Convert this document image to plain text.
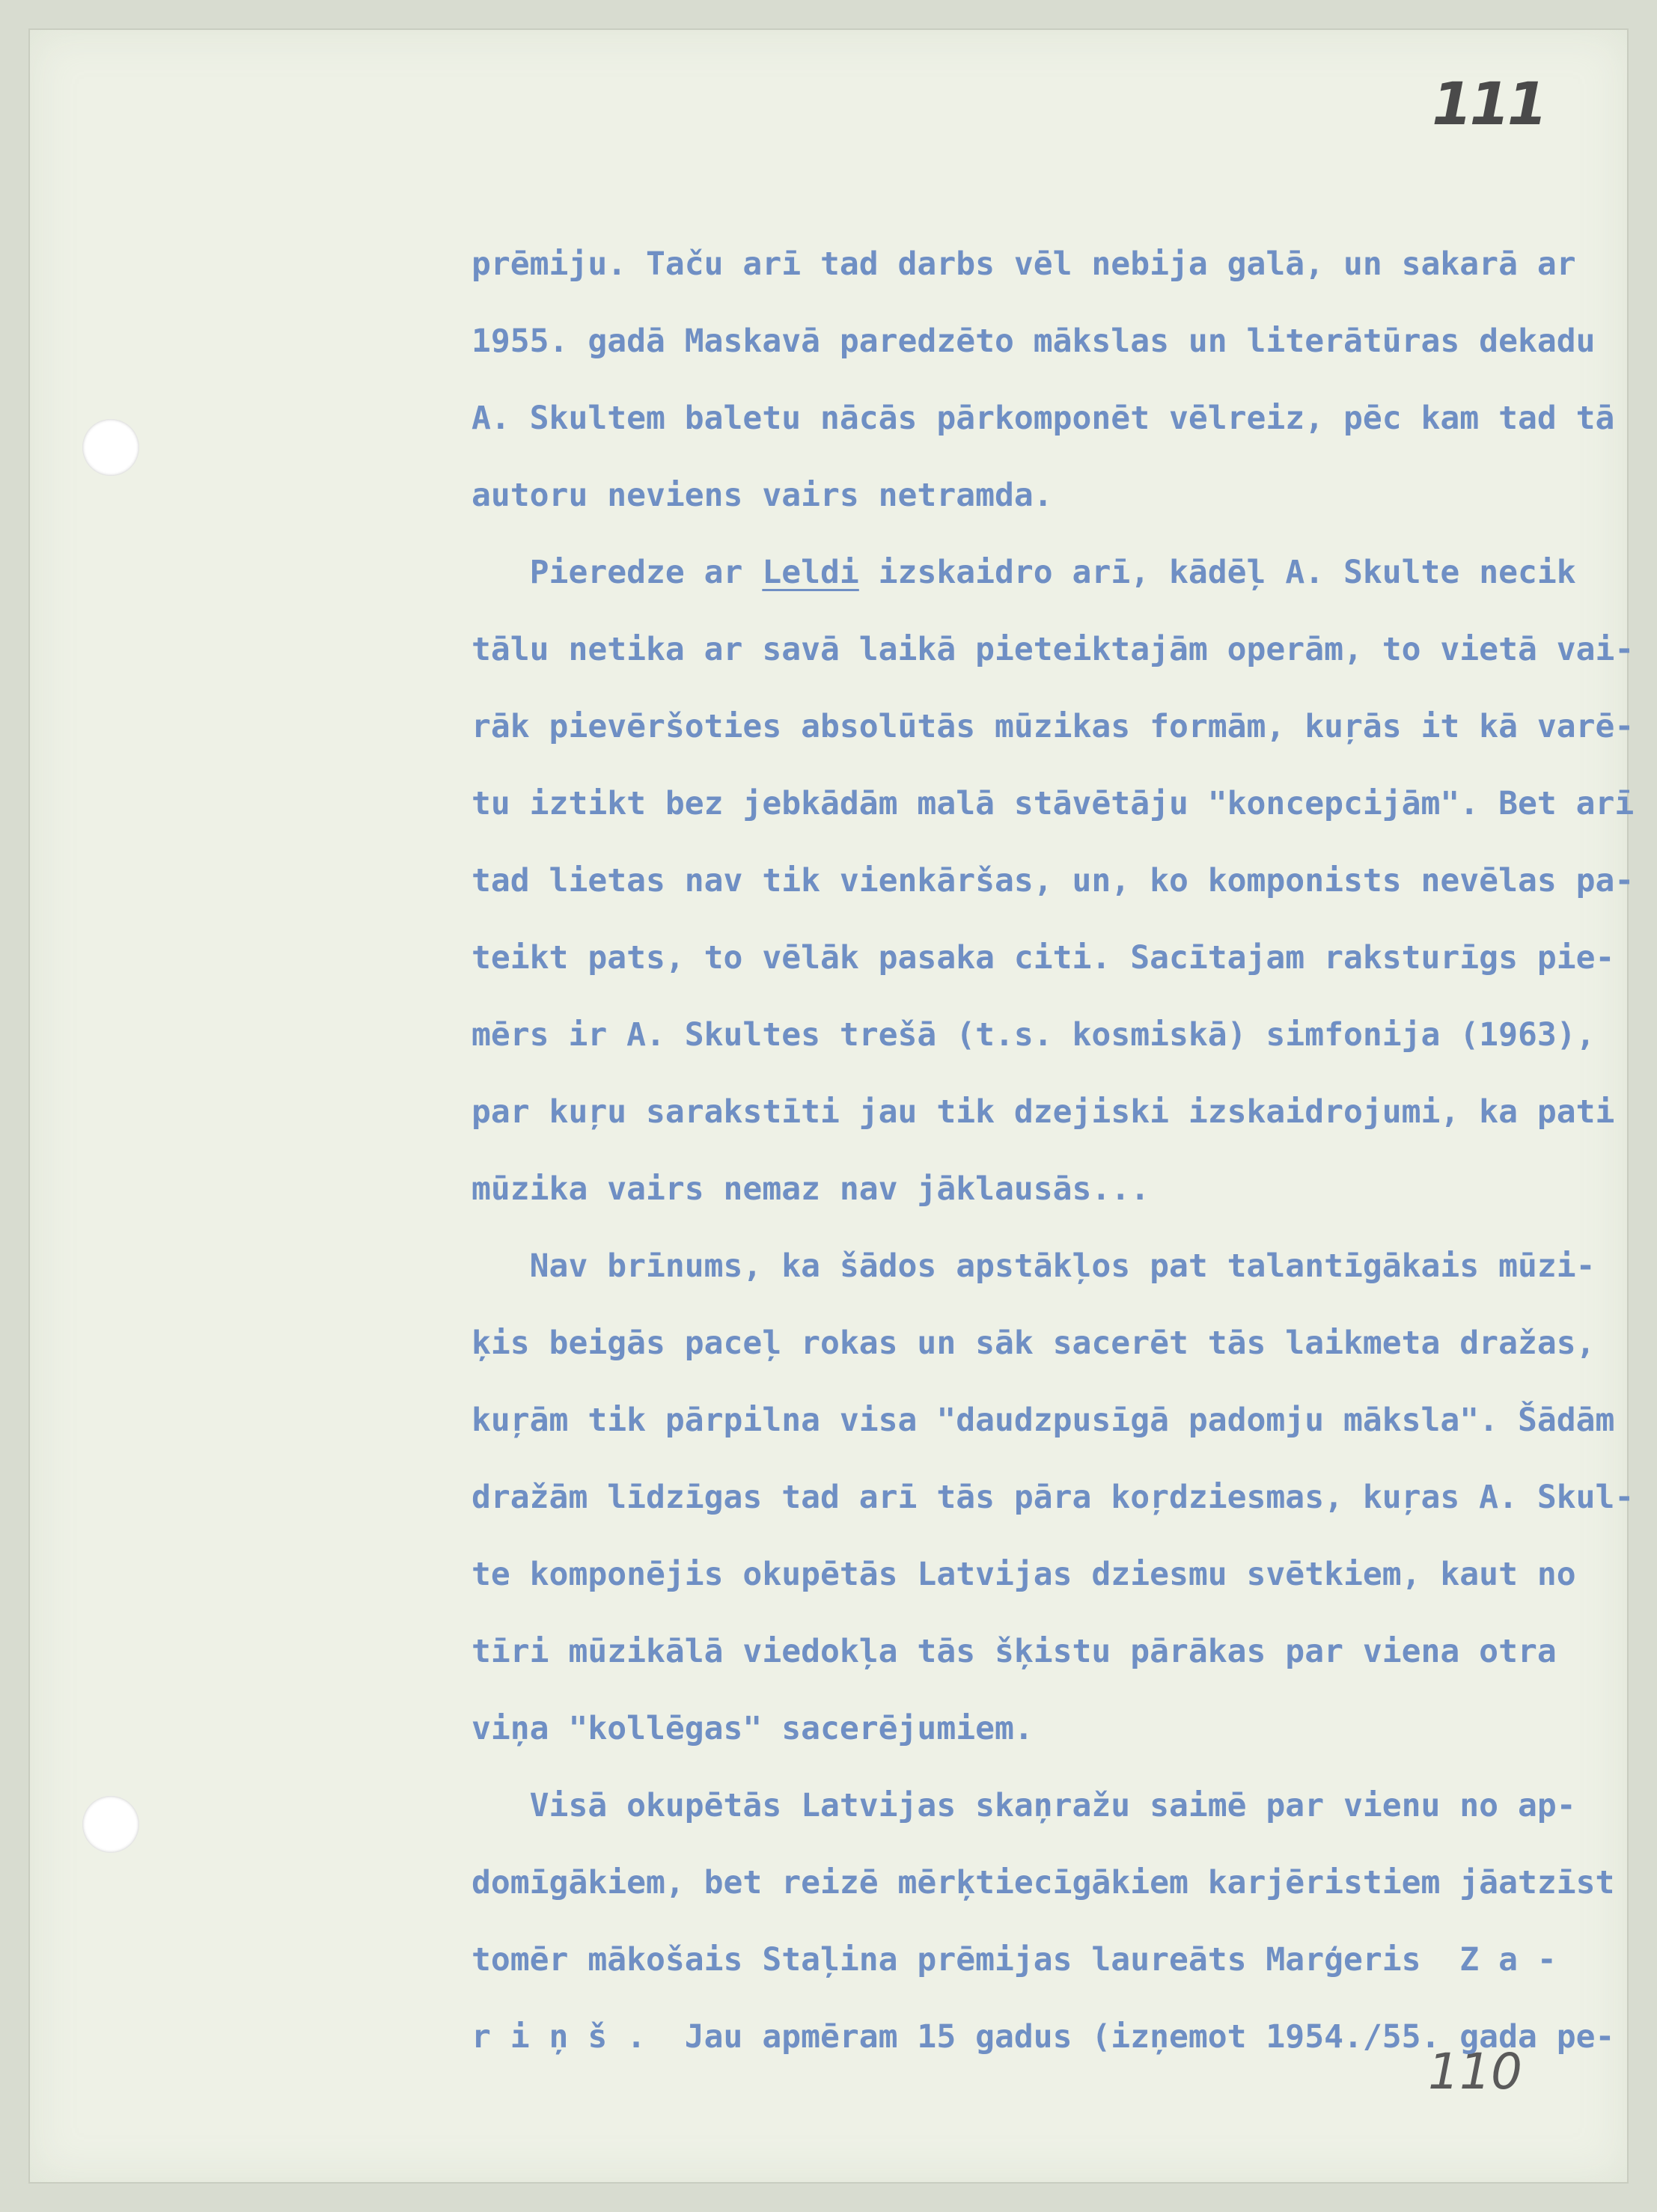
111
110
prēmiju. Taču arī tad darbs vēl nebija galā, un sakarā ar
1955. gadā Maskavā paredzēto mākslas un literātūras dekadu
A. Skultem baletu nācās pārkomponēt vēlreiz, pēc kam tad tā
autoru neviens vairs netramda.
Pieredze ar Leldi izskaidro arī, kādēļ A. Skulte necik
tālu netika ar savā laikā pieteiktajām operām, to vietā vai-
rāk pievēršoties absolūtās mūzikas formām, kuŗās it kā varē-
tu iztikt bez jebkādām malā stāvētāju "koncepcijām". Bet arī
tad lietas nav tik vienkāršas, un, ko komponists nevēlas pa-
teikt pats, to vēlāk pasaka citi. Sacītajam raksturīgs pie-
mērs ir A. Skultes trešā (t.s. kosmiskā) simfonija (1963),
par kuŗu sarakstīti jau tik dzejiski izskaidrojumi, ka pati
mūzika vairs nemaz nav jāklausās...
Nav brīnums, ka šādos apstākļos pat talantīgākais mūzi-
ķis beigās paceļ rokas un sāk sacerēt tās laikmeta dražas,
kuŗām tik pārpilna visa "daudzpusīgā padomju māksla". Šādām
dražām līdzīgas tad arī tās pāra koŗdziesmas, kuŗas A. Skul-
te komponējis okupētās Latvijas dziesmu svētkiem, kaut no
tīri mūzikālā viedokļa tās šķistu pārākas par viena otra
viņa "kollēgas" sacerējumiem.
Visā okupētās Latvijas skaņražu saimē par vienu no ap-
domīgākiem, bet reizē mērķtiecīgākiem karjēristiem jāatzīst
tomēr mākošais Staļina prēmijas laureāts Marģeris  Z a -
r i ņ š .  Jau apmēram 15 gadus (izņemot 1954./55. gada pe-
